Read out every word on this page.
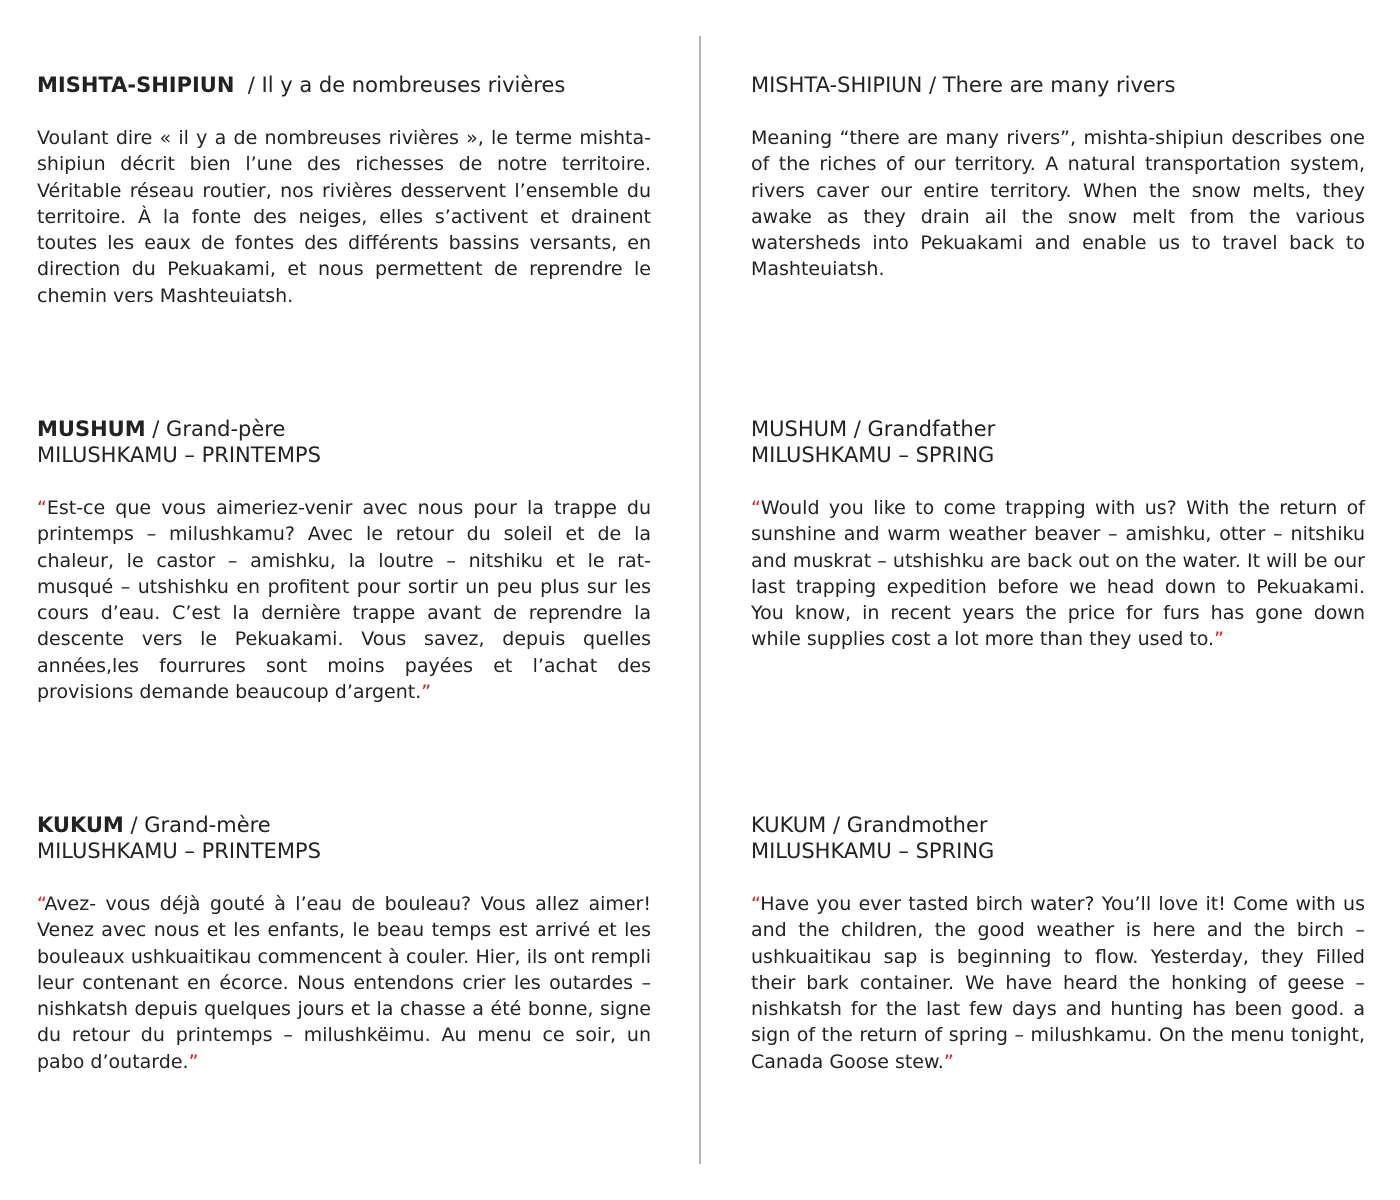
MISHTA-SHIPIUN  / Il y a de nombreuses rivières

Voulant dire « il y a de nombreuses rivières », le terme mishta-shipiun décrit bien l’une des richesses de notre territoire. Véritable réseau routier, nos rivières desservent l’ensemble du territoire. À la fonte des neiges, elles s’activent et drainent toutes les eaux de fontes des différents bassins versants, en direction du Pekuakami, et nous permettent de reprendre le chemin vers Mashteuiatsh.

MUSHUM / Grand-père

MILUSHKAMU – PRINTEMPS

“Est-ce que vous aimeriez-venir avec nous pour la trappe du printemps – milushkamu? Avec le retour du soleil et de la chaleur, le castor – amishku, la loutre – nitshiku et le rat-musqué – utshishku en profitent pour sortir un peu plus sur les cours d’eau. C’est la dernière trappe avant de reprendre la descente vers le Pekuakami. Vous savez, depuis quelles années,les fourrures sont moins payées et l’achat des provisions demande beaucoup d’argent.”

KUKUM / Grand-mère

MILUSHKAMU – PRINTEMPS

“Avez- vous déjà gouté à l’eau de bouleau? Vous allez aimer! Venez avec nous et les enfants, le beau temps est arrivé et les bouleaux ushkuaitikau commencent à couler. Hier, ils ont rempli leur contenant en écorce. Nous entendons crier les outardes – nishkatsh depuis quelques jours et la chasse a été bonne, signe du retour du printemps – milushkëimu. Au menu ce soir, un pabo d’outarde.”

MISHTA-SHIPIUN / There are many rivers

Meaning “there are many rivers”, mishta-shipiun describes one of the riches of our territory. A natural transportation system, rivers caver our entire territory. When the snow melts, they awake as they drain ail the snow melt from the various watersheds into Pekuakami and enable us to travel back to Mashteuiatsh.

MUSHUM / Grandfather

MILUSHKAMU – SPRING

“Would you like to come trapping with us? With the return of sunshine and warm weather beaver – amishku, otter – nitshiku and muskrat – utshishku are back out on the water. It will be our last trapping expedition before we head down to Pekuakami. You know, in recent years the price for furs has gone down while supplies cost a lot more than they used to.”

KUKUM / Grandmother

MILUSHKAMU – SPRING

“Have you ever tasted birch water? You’ll love it! Come with us and the children, the good weather is here and the birch – ushkuaitikau sap is beginning to flow. Yesterday, they Filled their bark container. We have heard the honking of geese – nishkatsh for the last few days and hunting has been good. a sign of the return of spring – milushkamu. On the menu tonight, Canada Goose stew.”
